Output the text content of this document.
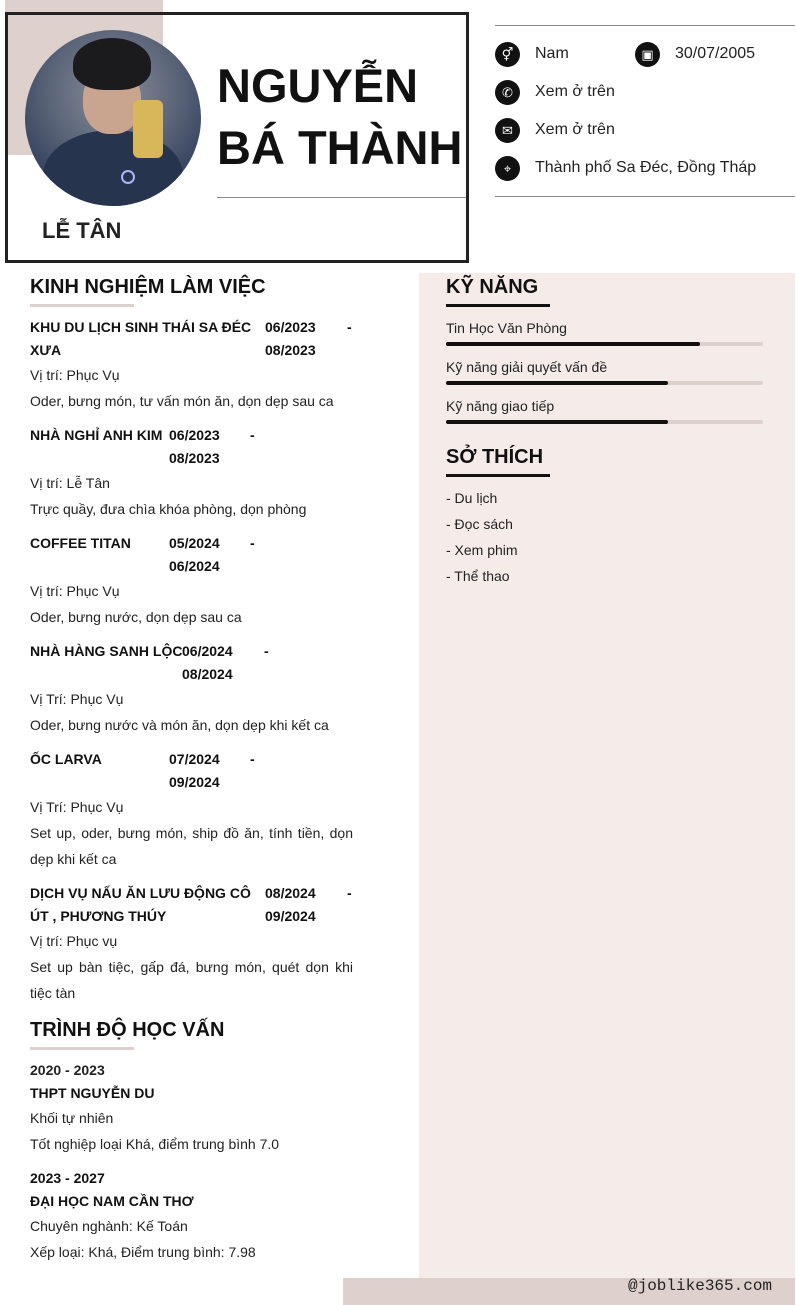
NGUYỄN
BÁ THÀNH
LỄ TÂN
⚥	Nam	▣	30/07/2005
✆	Xem ở trên
✉	Xem ở trên
⌖	Thành phố Sa Đéc, Đồng Tháp
KINH NGHIỆM LÀM VIỆC
KHU DU LỊCH SINH THÁI SA ĐÉC XƯA
06/2023 -
08/2023
Vị trí: Phục Vụ
Oder, bưng món, tư vấn món ăn, dọn dẹp sau ca
NHÀ NGHỈ ANH KIM 06/2023 -
08/2023
Vị trí: Lễ Tân
Trực quầy, đưa chìa khóa phòng, dọn phòng
COFFEE TITAN	05/2024 -
06/2024
Vị trí: Phục Vụ
Oder, bưng nước, dọn dẹp sau ca
NHÀ HÀNG SANH LỘC 06/2024 -
08/2024
Vị Trí: Phục Vụ
Oder, bưng nước và món ăn, dọn dẹp khi kết ca
ỐC LARVA	07/2024 -
09/2024
Vị Trí: Phục Vụ
Set up, oder, bưng món, ship đồ ăn, tính tiền, dọn dẹp khi kết ca
DỊCH VỤ NẤU ĂN LƯU ĐỘNG CÔ ÚT , PHƯƠNG THÚY
08/2024 -
09/2024
Vị trí: Phục vụ
Set up bàn tiệc, gấp đá, bưng món, quét dọn khi tiệc tàn
TRÌNH ĐỘ HỌC VẤN
2020 - 2023
THPT NGUYỄN DU
Khối tự nhiên
Tốt nghiệp loại Khá, điểm trung bình 7.0
2023 - 2027
ĐẠI HỌC NAM CẦN THƠ
Chuyên nghành: Kế Toán
Xếp loại: Khá, Điểm trung bình: 7.98
KỸ NĂNG
Tin Học Văn Phòng
Kỹ năng giải quyết vấn đề
Kỹ năng giao tiếp
SỞ THÍCH
- Du lịch
- Đọc sách
- Xem phim
- Thể thao
@joblike365.com
